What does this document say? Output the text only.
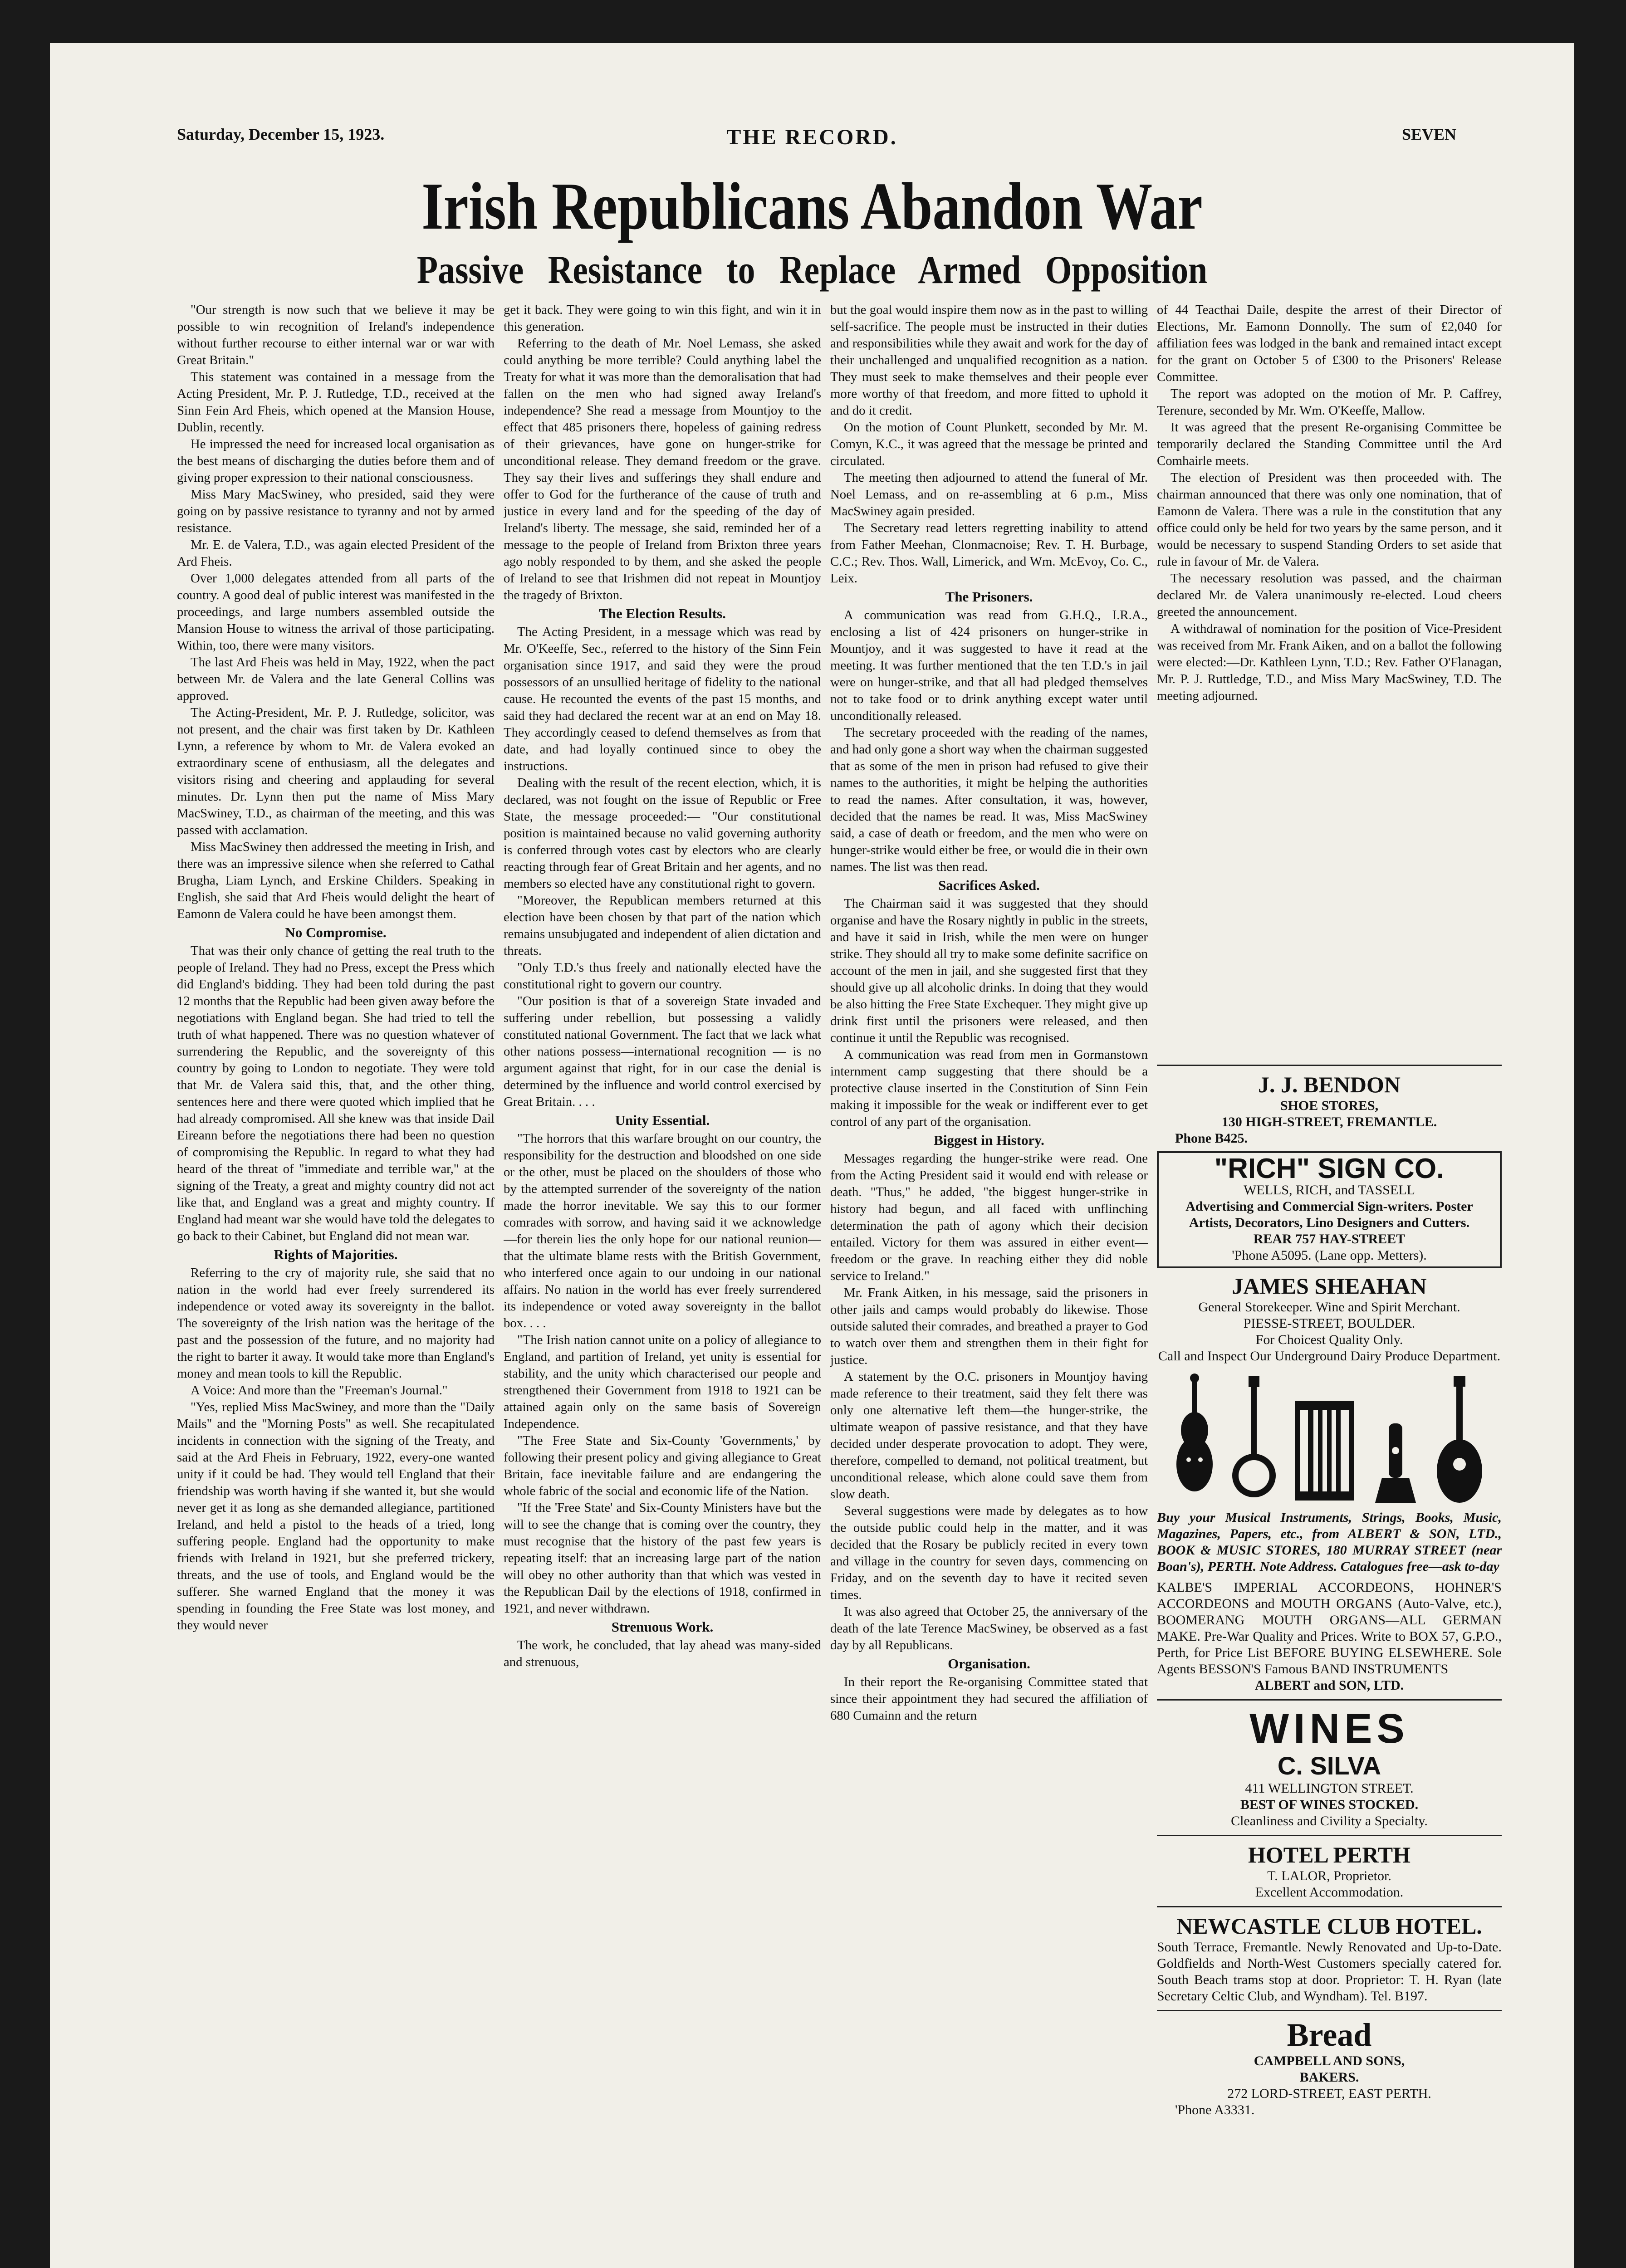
Saturday, December 15, 1923.	THE RECORD.	SEVEN
Irish Republicans Abandon War
Passive Resistance to Replace Armed Opposition

"Our strength is now such that we believe it may be possible to win recognition of Ireland's independence without further recourse to either internal war or war with Great Britain."

This statement was contained in a message from the Acting President, Mr. P. J. Rutledge, T.D., received at the Sinn Fein Ard Fheis, which opened at the Mansion House, Dublin, recently.

He impressed the need for increased local organisation as the best means of discharging the duties before them and of giving proper expression to their national consciousness.

Miss Mary MacSwiney, who presided, said they were going on by passive resistance to tyranny and not by armed resistance.

Mr. E. de Valera, T.D., was again elected President of the Ard Fheis.

Over 1,000 delegates attended from all parts of the country. A good deal of public interest was manifested in the proceedings, and large numbers assembled outside the Mansion House to witness the arrival of those participating. Within, too, there were many visitors.

The last Ard Fheis was held in May, 1922, when the pact between Mr. de Valera and the late General Collins was approved.

The Acting-President, Mr. P. J. Rutledge, solicitor, was not present, and the chair was first taken by Dr. Kathleen Lynn, a reference by whom to Mr. de Valera evoked an extraordinary scene of enthusiasm, all the delegates and visitors rising and cheering and applauding for several minutes. Dr. Lynn then put the name of Miss Mary MacSwiney, T.D., as chairman of the meeting, and this was passed with acclamation.

Miss MacSwiney then addressed the meeting in Irish, and there was an impressive silence when she referred to Cathal Brugha, Liam Lynch, and Erskine Childers. Speaking in English, she said that Ard Fheis would delight the heart of Eamonn de Valera could he have been amongst them.

No Compromise.

That was their only chance of getting the real truth to the people of Ireland. They had no Press, except the Press which did England's bidding. They had been told during the past 12 months that the Republic had been given away before the negotiations with England began. She had tried to tell the truth of what happened. There was no question whatever of surrendering the Republic, and the sovereignty of this country by going to London to negotiate. They were told that Mr. de Valera said this, that, and the other thing, sentences here and there were quoted which implied that he had already compromised. All she knew was that inside Dail Eireann before the negotiations there had been no question of compromising the Republic. In regard to what they had heard of the threat of "immediate and terrible war," at the signing of the Treaty, a great and mighty country did not act like that, and England was a great and mighty country. If England had meant war she would have told the delegates to go back to their Cabinet, but England did not mean war.

Rights of Majorities.

Referring to the cry of majority rule, she said that no nation in the world had ever freely surrendered its independence or voted away its sovereignty in the ballot. The sovereignty of the Irish nation was the heritage of the past and the possession of the future, and no majority had the right to barter it away. It would take more than England's money and mean tools to kill the Republic.

A Voice: And more than the "Freeman's Journal."

"Yes, replied Miss MacSwiney, and more than the "Daily Mails" and the "Morning Posts" as well. She recapitulated incidents in connection with the signing of the Treaty, and said at the Ard Fheis in February, 1922, every-one wanted unity if it could be had. They would tell England that their friendship was worth having if she wanted it, but she would never get it as long as she demanded allegiance, partitioned Ireland, and held a pistol to the heads of a tried, long suffering people. England had the opportunity to make friends with Ireland in 1921, but she preferred trickery, threats, and the use of tools, and England would be the sufferer. She warned England that the money it was spending in founding the Free State was lost money, and they would never

get it back. They were going to win this fight, and win it in this generation.

Referring to the death of Mr. Noel Lemass, she asked could anything be more terrible? Could anything label the Treaty for what it was more than the demoralisation that had fallen on the men who had signed away Ireland's independence? She read a message from Mountjoy to the effect that 485 prisoners there, hopeless of gaining redress of their grievances, have gone on hunger-strike for unconditional release. They demand freedom or the grave. They say their lives and sufferings they shall endure and offer to God for the furtherance of the cause of truth and justice in every land and for the speeding of the day of Ireland's liberty. The message, she said, reminded her of a message to the people of Ireland from Brixton three years ago nobly responded to by them, and she asked the people of Ireland to see that Irishmen did not repeat in Mountjoy the tragedy of Brixton.

The Election Results.

The Acting President, in a message which was read by Mr. O'Keeffe, Sec., referred to the history of the Sinn Fein organisation since 1917, and said they were the proud possessors of an unsullied heritage of fidelity to the national cause. He recounted the events of the past 15 months, and said they had declared the recent war at an end on May 18. They accordingly ceased to defend themselves as from that date, and had loyally continued since to obey the instructions.

Dealing with the result of the recent election, which, it is declared, was not fought on the issue of Republic or Free State, the message proceeded:— "Our constitutional position is maintained because no valid governing authority is conferred through votes cast by electors who are clearly reacting through fear of Great Britain and her agents, and no members so elected have any constitutional right to govern.

"Moreover, the Republican members returned at this election have been chosen by that part of the nation which remains unsubjugated and independent of alien dictation and threats.

"Only T.D.'s thus freely and nationally elected have the constitutional right to govern our country.

"Our position is that of a sovereign State invaded and suffering under rebellion, but possessing a validly constituted national Government. The fact that we lack what other nations possess—international recognition — is no argument against that right, for in our case the denial is determined by the influence and world control exercised by Great Britain. . . .

Unity Essential.

"The horrors that this warfare brought on our country, the responsibility for the destruction and bloodshed on one side or the other, must be placed on the shoulders of those who by the attempted surrender of the sovereignty of the nation made the horror inevitable. We say this to our former comrades with sorrow, and having said it we acknowledge—for therein lies the only hope for our national reunion—that the ultimate blame rests with the British Government, who interfered once again to our undoing in our national affairs. No nation in the world has ever freely surrendered its independence or voted away sovereignty in the ballot box. . . .

"The Irish nation cannot unite on a policy of allegiance to England, and partition of Ireland, yet unity is essential for stability, and the unity which characterised our people and strengthened their Government from 1918 to 1921 can be attained again only on the same basis of Sovereign Independence.

"The Free State and Six-County 'Governments,' by following their present policy and giving allegiance to Great Britain, face inevitable failure and are endangering the whole fabric of the social and economic life of the Nation.

"If the 'Free State' and Six-County Ministers have but the will to see the change that is coming over the country, they must recognise that the history of the past few years is repeating itself: that an increasing large part of the nation will obey no other authority than that which was vested in the Republican Dail by the elections of 1918, confirmed in 1921, and never withdrawn.

Strenuous Work.

The work, he concluded, that lay ahead was many-sided and strenuous,

but the goal would inspire them now as in the past to willing self-sacrifice. The people must be instructed in their duties and responsibilities while they await and work for the day of their unchallenged and unqualified recognition as a nation. They must seek to make themselves and their people ever more worthy of that freedom, and more fitted to uphold it and do it credit.

On the motion of Count Plunkett, seconded by Mr. M. Comyn, K.C., it was agreed that the message be printed and circulated.

The meeting then adjourned to attend the funeral of Mr. Noel Lemass, and on re-assembling at 6 p.m., Miss MacSwiney again presided.

The Secretary read letters regretting inability to attend from Father Meehan, Clonmacnoise; Rev. T. H. Burbage, C.C.; Rev. Thos. Wall, Limerick, and Wm. McEvoy, Co. C., Leix.

The Prisoners.

A communication was read from G.H.Q., I.R.A., enclosing a list of 424 prisoners on hunger-strike in Mountjoy, and it was suggested to have it read at the meeting. It was further mentioned that the ten T.D.'s in jail were on hunger-strike, and that all had pledged themselves not to take food or to drink anything except water until unconditionally released.

The secretary proceeded with the reading of the names, and had only gone a short way when the chairman suggested that as some of the men in prison had refused to give their names to the authorities, it might be helping the authorities to read the names. After consultation, it was, however, decided that the names be read. It was, Miss MacSwiney said, a case of death or freedom, and the men who were on hunger-strike would either be free, or would die in their own names. The list was then read.

Sacrifices Asked.

The Chairman said it was suggested that they should organise and have the Rosary nightly in public in the streets, and have it said in Irish, while the men were on hunger strike. They should all try to make some definite sacrifice on account of the men in jail, and she suggested first that they should give up all alcoholic drinks. In doing that they would be also hitting the Free State Exchequer. They might give up drink first until the prisoners were released, and then continue it until the Republic was recognised.

A communication was read from men in Gormanstown internment camp suggesting that there should be a protective clause inserted in the Constitution of Sinn Fein making it impossible for the weak or indifferent ever to get control of any part of the organisation.

Biggest in History.

Messages regarding the hunger-strike were read. One from the Acting President said it would end with release or death. "Thus," he added, "the biggest hunger-strike in history had begun, and all faced with unflinching determination the path of agony which their decision entailed. Victory for them was assured in either event—freedom or the grave. In reaching either they did noble service to Ireland."

Mr. Frank Aitken, in his message, said the prisoners in other jails and camps would probably do likewise. Those outside saluted their comrades, and breathed a prayer to God to watch over them and strengthen them in their fight for justice.

A statement by the O.C. prisoners in Mountjoy having made reference to their treatment, said they felt there was only one alternative left them—the hunger-strike, the ultimate weapon of passive resistance, and that they have decided under desperate provocation to adopt. They were, therefore, compelled to demand, not political treatment, but unconditional release, which alone could save them from slow death.

Several suggestions were made by delegates as to how the outside public could help in the matter, and it was decided that the Rosary be publicly recited in every town and village in the country for seven days, commencing on Friday, and on the seventh day to have it recited seven times.

It was also agreed that October 25, the anniversary of the death of the late Terence MacSwiney, be observed as a fast day by all Republicans.

Organisation.

In their report the Re-organising Committee stated that since their appointment they had secured the affiliation of 680 Cumainn and the return

of 44 Teacthai Daile, despite the arrest of their Director of Elections, Mr. Eamonn Donnolly. The sum of £2,040 for affiliation fees was lodged in the bank and remained intact except for the grant on October 5 of £300 to the Prisoners' Release Committee.

The report was adopted on the motion of Mr. P. Caffrey, Terenure, seconded by Mr. Wm. O'Keeffe, Mallow.

It was agreed that the present Re-organising Committee be temporarily declared the Standing Committee until the Ard Comhairle meets.

The election of President was then proceeded with. The chairman announced that there was only one nomination, that of Eamonn de Valera. There was a rule in the constitution that any office could only be held for two years by the same person, and it would be necessary to suspend Standing Orders to set aside that rule in favour of Mr. de Valera.

The necessary resolution was passed, and the chairman declared Mr. de Valera unanimously re-elected. Loud cheers greeted the announcement.

A withdrawal of nomination for the position of Vice-President was received from Mr. Frank Aiken, and on a ballot the following were elected:—Dr. Kathleen Lynn, T.D.; Rev. Father O'Flanagan, Mr. P. J. Ruttledge, T.D., and Miss Mary MacSwiney, T.D. The meeting adjourned.

J. J. BENDON
SHOE STORES,
130 HIGH-STREET, FREMANTLE.
Phone B425.
"RICH" SIGN CO.
WELLS, RICH, and TASSELL
Advertising and Commercial Sign-writers. Poster Artists, Decorators, Lino Designers and Cutters.
REAR 757 HAY-STREET
'Phone A5095. (Lane opp. Metters).
JAMES SHEAHAN
General Storekeeper. Wine and Spirit Merchant.
PIESSE-STREET, BOULDER.
For Choicest Quality Only.
Call and Inspect Our Underground Dairy Produce Department.
Buy your Musical Instruments, Strings, Books, Music, Magazines, Papers, etc., from ALBERT & SON, LTD., BOOK & MUSIC STORES, 180 MURRAY STREET (near Boan's), PERTH. Note Address. Catalogues free—ask to-day
KALBE'S IMPERIAL ACCORDEONS, HOHNER'S ACCORDEONS and MOUTH ORGANS (Auto-Valve, etc.), BOOMERANG MOUTH ORGANS—ALL GERMAN MAKE. Pre-War Quality and Prices. Write to BOX 57, G.P.O., Perth, for Price List BEFORE BUYING ELSEWHERE. Sole Agents BESSON'S Famous BAND INSTRUMENTS
ALBERT and SON, LTD.
WINES
C. SILVA
411 WELLINGTON STREET.
BEST OF WINES STOCKED.
Cleanliness and Civility a Specialty.
HOTEL PERTH
T. LALOR, Proprietor.
Excellent Accommodation.
NEWCASTLE CLUB HOTEL.
South Terrace, Fremantle. Newly Renovated and Up-to-Date. Goldfields and North-West Customers specially catered for. South Beach trams stop at door. Proprietor: T. H. Ryan (late Secretary Celtic Club, and Wyndham). Tel. B197.
Bread
CAMPBELL AND SONS,
BAKERS.
272 LORD-STREET, EAST PERTH.
'Phone A3331.
